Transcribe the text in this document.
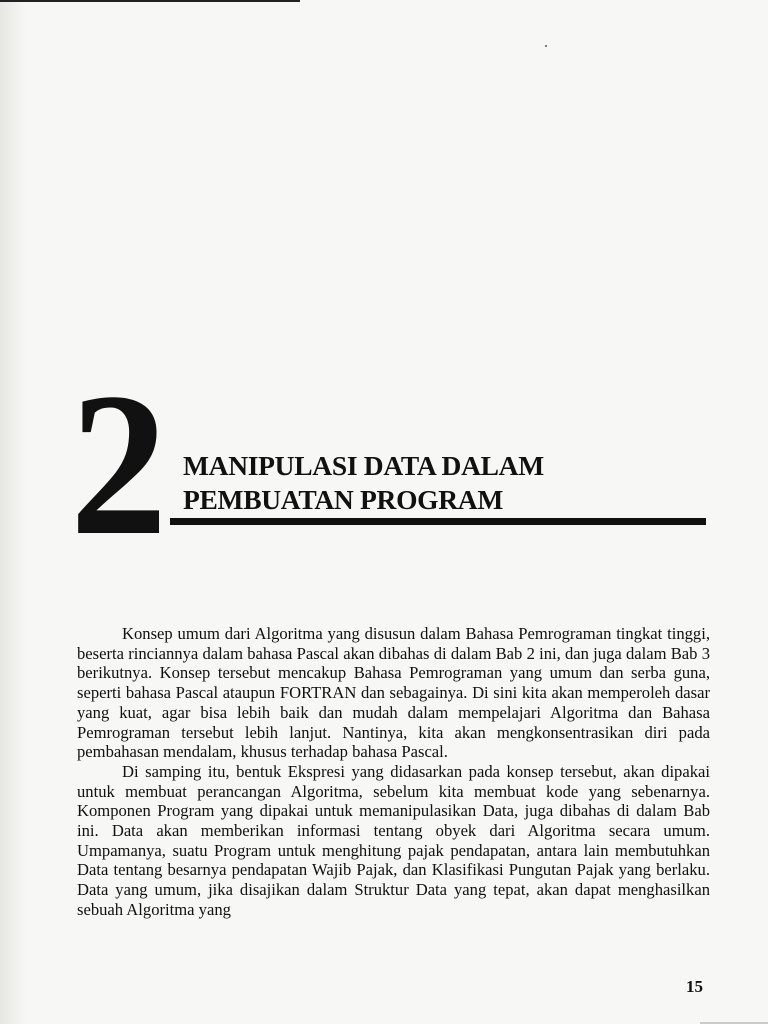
2 MANIPULASI DATA DALAM
PEMBUATAN PROGRAM

Konsep umum dari Algoritma yang disusun dalam Bahasa Pemrograman tingkat tinggi, beserta rinciannya dalam bahasa Pascal akan dibahas di dalam Bab 2 ini, dan juga dalam Bab 3 berikutnya. Konsep tersebut mencakup Bahasa Pemrograman yang umum dan serba guna, seperti bahasa Pascal ataupun FORTRAN dan sebagainya. Di sini kita akan memperoleh dasar yang kuat, agar bisa lebih baik dan mudah dalam mempelajari Algoritma dan Bahasa Pemrograman tersebut lebih lanjut. Nantinya, kita akan mengkonsentrasikan diri pada pembahasan mendalam, khusus terhadap bahasa Pascal.

Di samping itu, bentuk Ekspresi yang didasarkan pada konsep tersebut, akan dipakai untuk membuat perancangan Algoritma, sebelum kita membuat kode yang sebenarnya. Komponen Program yang dipakai untuk memanipulasikan Data, juga dibahas di dalam Bab ini. Data akan memberikan informasi tentang obyek dari Algoritma secara umum. Umpamanya, suatu Program untuk menghitung pajak pendapatan, antara lain membutuhkan Data tentang besarnya pendapatan Wajib Pajak, dan Klasifikasi Pungutan Pajak yang berlaku. Data yang umum, jika disajikan dalam Struktur Data yang tepat, akan dapat menghasilkan sebuah Algoritma yang

15
